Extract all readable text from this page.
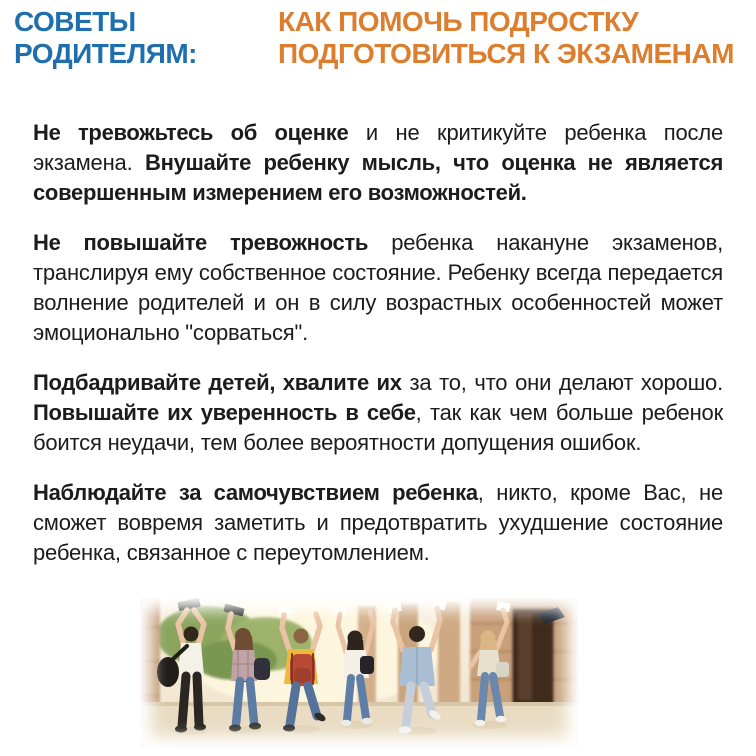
СОВЕТЫ
РОДИТЕЛЯМ:
КАК ПОМОЧЬ ПОДРОСТКУ
ПОДГОТОВИТЬСЯ К ЭКЗАМЕНАМ

Не тревожьтесь об оценке и не критикуйте ребенка после экзамена. Внушайте ребенку мысль, что оценка не является совершенным измерением его возможностей.

Не повышайте тревожность ребенка накануне экзаменов, транслируя ему собственное состояние. Ребенку всегда передается волнение родителей и он в силу возрастных особенностей может эмоционально "сорваться".

Подбадривайте детей, хвалите их за то, что они делают хорошо. Повышайте их уверенность в себе, так как чем больше ребенок боится неудачи, тем более вероятности допущения ошибок.

Наблюдайте за самочувствием ребенка, никто, кроме Вас, не сможет вовремя заметить и предотвратить ухудшение состояние ребенка, связанное с переутомлением.
